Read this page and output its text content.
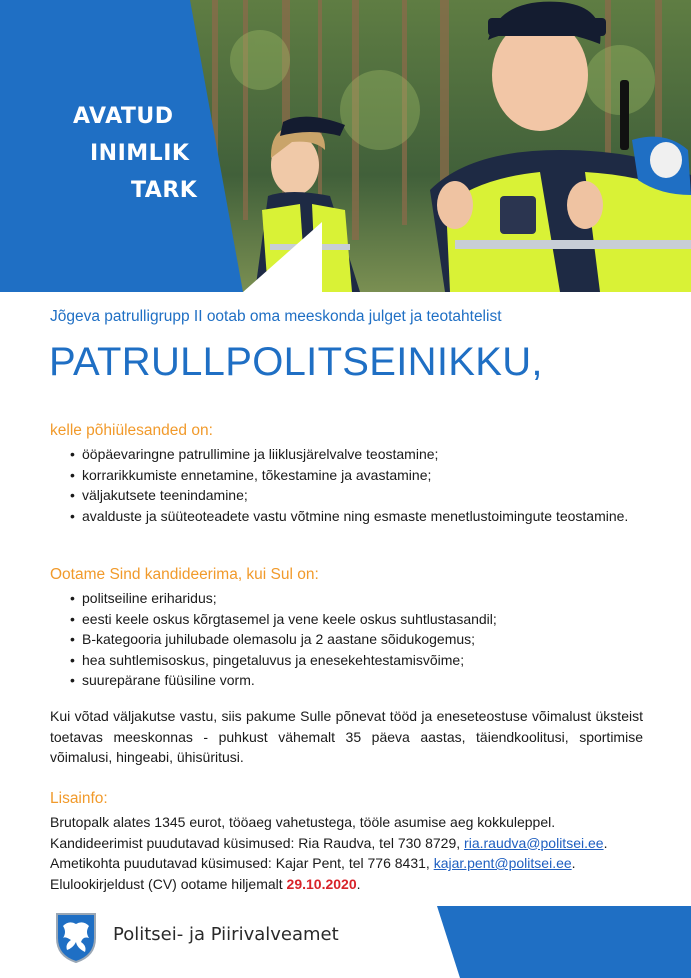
AVATUD
INIMLIK
TARK
Jõgeva patrulligrupp II ootab oma meeskonda julget ja teotahtelist
PATRULLPOLITSEINIKKU,
kelle põhiülesanded on:
• ööpäevaringne patrullimine ja liiklusjärelvalve teostamine;
• korrarikkumiste ennetamine, tõkestamine ja avastamine;
• väljakutsete teenindamine;
• avalduste ja süüteoteadete vastu võtmine ning esmaste menetlustoimingute teostamine.
Ootame Sind kandideerima, kui Sul on:
• politseiline eriharidus;
• eesti keele oskus kõrgtasemel ja vene keele oskus suhtlustasandil;
• B-kategooria juhilubade olemasolu ja 2 aastane sõidukogemus;
• hea suhtlemisoskus, pingetaluvus ja enesekehtestamisvõime;
• suurepärane füüsiline vorm.
Kui võtad väljakutse vastu, siis pakume Sulle põnevat tööd ja eneseteostuse võimalust üksteist toetavas meeskonnas - puhkust vähemalt 35 päeva aastas, täiendkoolitusi, sportimise võimalusi, hingeabi, ühisüritusi.
Lisainfo:
Brutopalk alates 1345 eurot, tööaeg vahetustega, tööle asumise aeg kokkuleppel.
Kandideerimist puudutavad küsimused: Ria Raudva, tel 730 8729, ria.raudva@politsei.ee.
Ametikohta puudutavad küsimused: Kajar Pent, tel 776 8431, kajar.pent@politsei.ee.
Elulookirjeldust (CV) ootame hiljemalt 29.10.2020.
Politsei- ja Piirivalveamet
